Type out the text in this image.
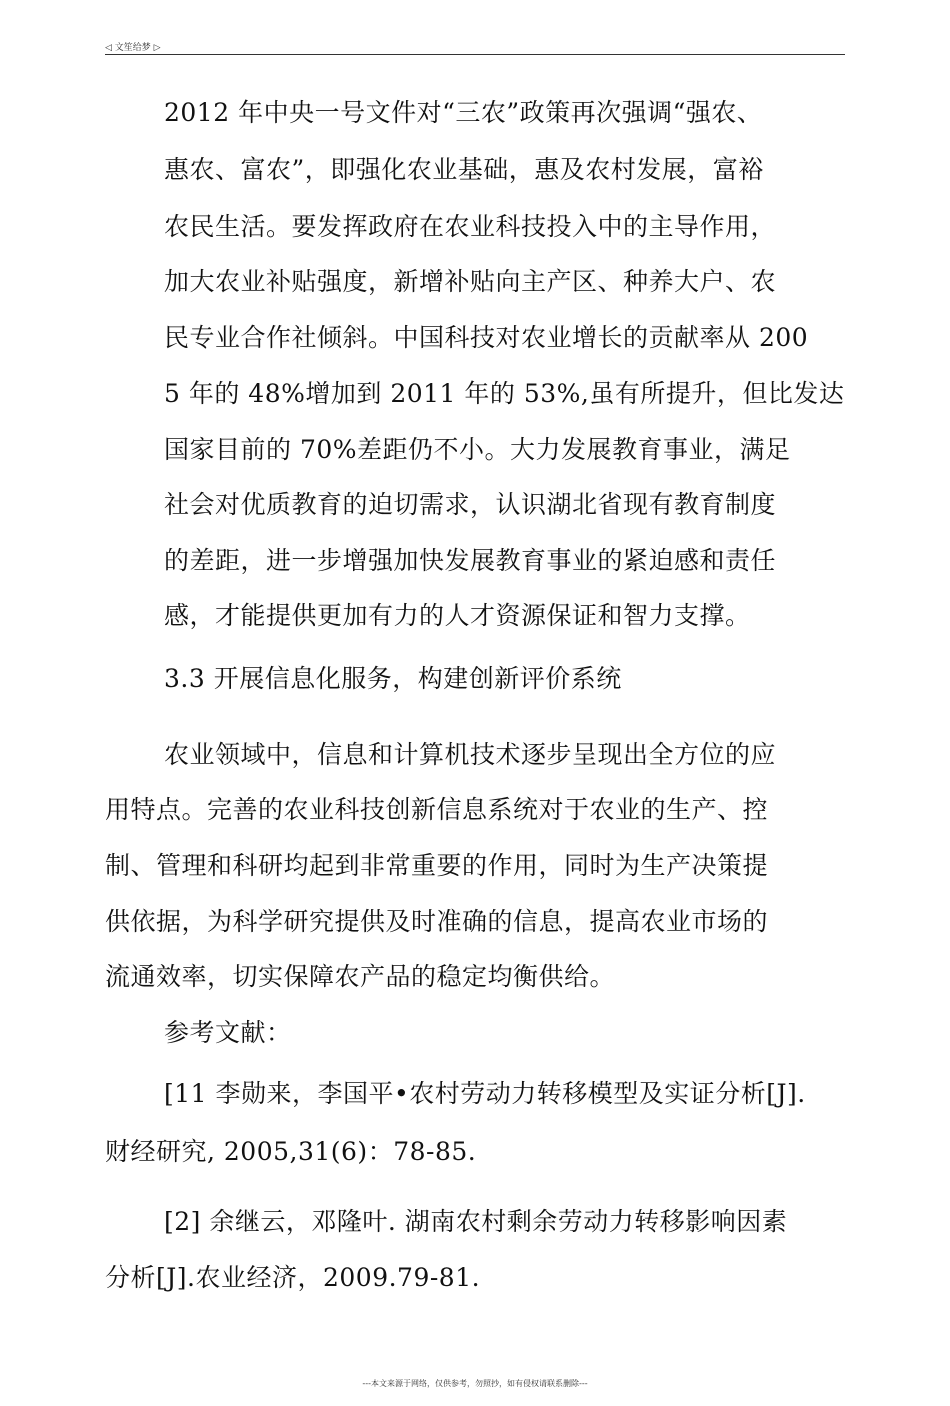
◁ 文笙给梦 ▷
2012 年中央一号文件对“三农”政策再次强调“强农、
惠农、富农”，即强化农业基础，惠及农村发展，富裕
农民生活。要发挥政府在农业科技投入中的主导作用，
加大农业补贴强度，新增补贴向主产区、种养大户、农
民专业合作社倾斜。中国科技对农业增长的贡献率从 200
5 年的 48%增加到 2011 年的 53%,虽有所提升，但比发达
国家目前的 70%差距仍不小。大力发展教育事业，满足
社会对优质教育的迫切需求，认识湖北省现有教育制度
的差距，进一步增强加快发展教育事业的紧迫感和责任
感，才能提供更加有力的人才资源保证和智力支撑。
3.3 开展信息化服务，构建创新评价系统
农业领域中，信息和计算机技术逐步呈现出全方位的应
用特点。完善的农业科技创新信息系统对于农业的生产、控
制、管理和科研均起到非常重要的作用，同时为生产决策提
供依据，为科学研究提供及时准确的信息，提高农业市场的
流通效率，切实保障农产品的稳定均衡供给。
参考文献：
[11 李勋来，李国平•农村劳动力转移模型及实证分析[J].
财经研究, 2005,31(6)：78-85.
[2] 余继云，邓隆叶. 湖南农村剩余劳动力转移影响因素
分析[J].农业经济，2009.79-81.
---本文来源于网络，仅供参考，勿照抄，如有侵权请联系删除---
